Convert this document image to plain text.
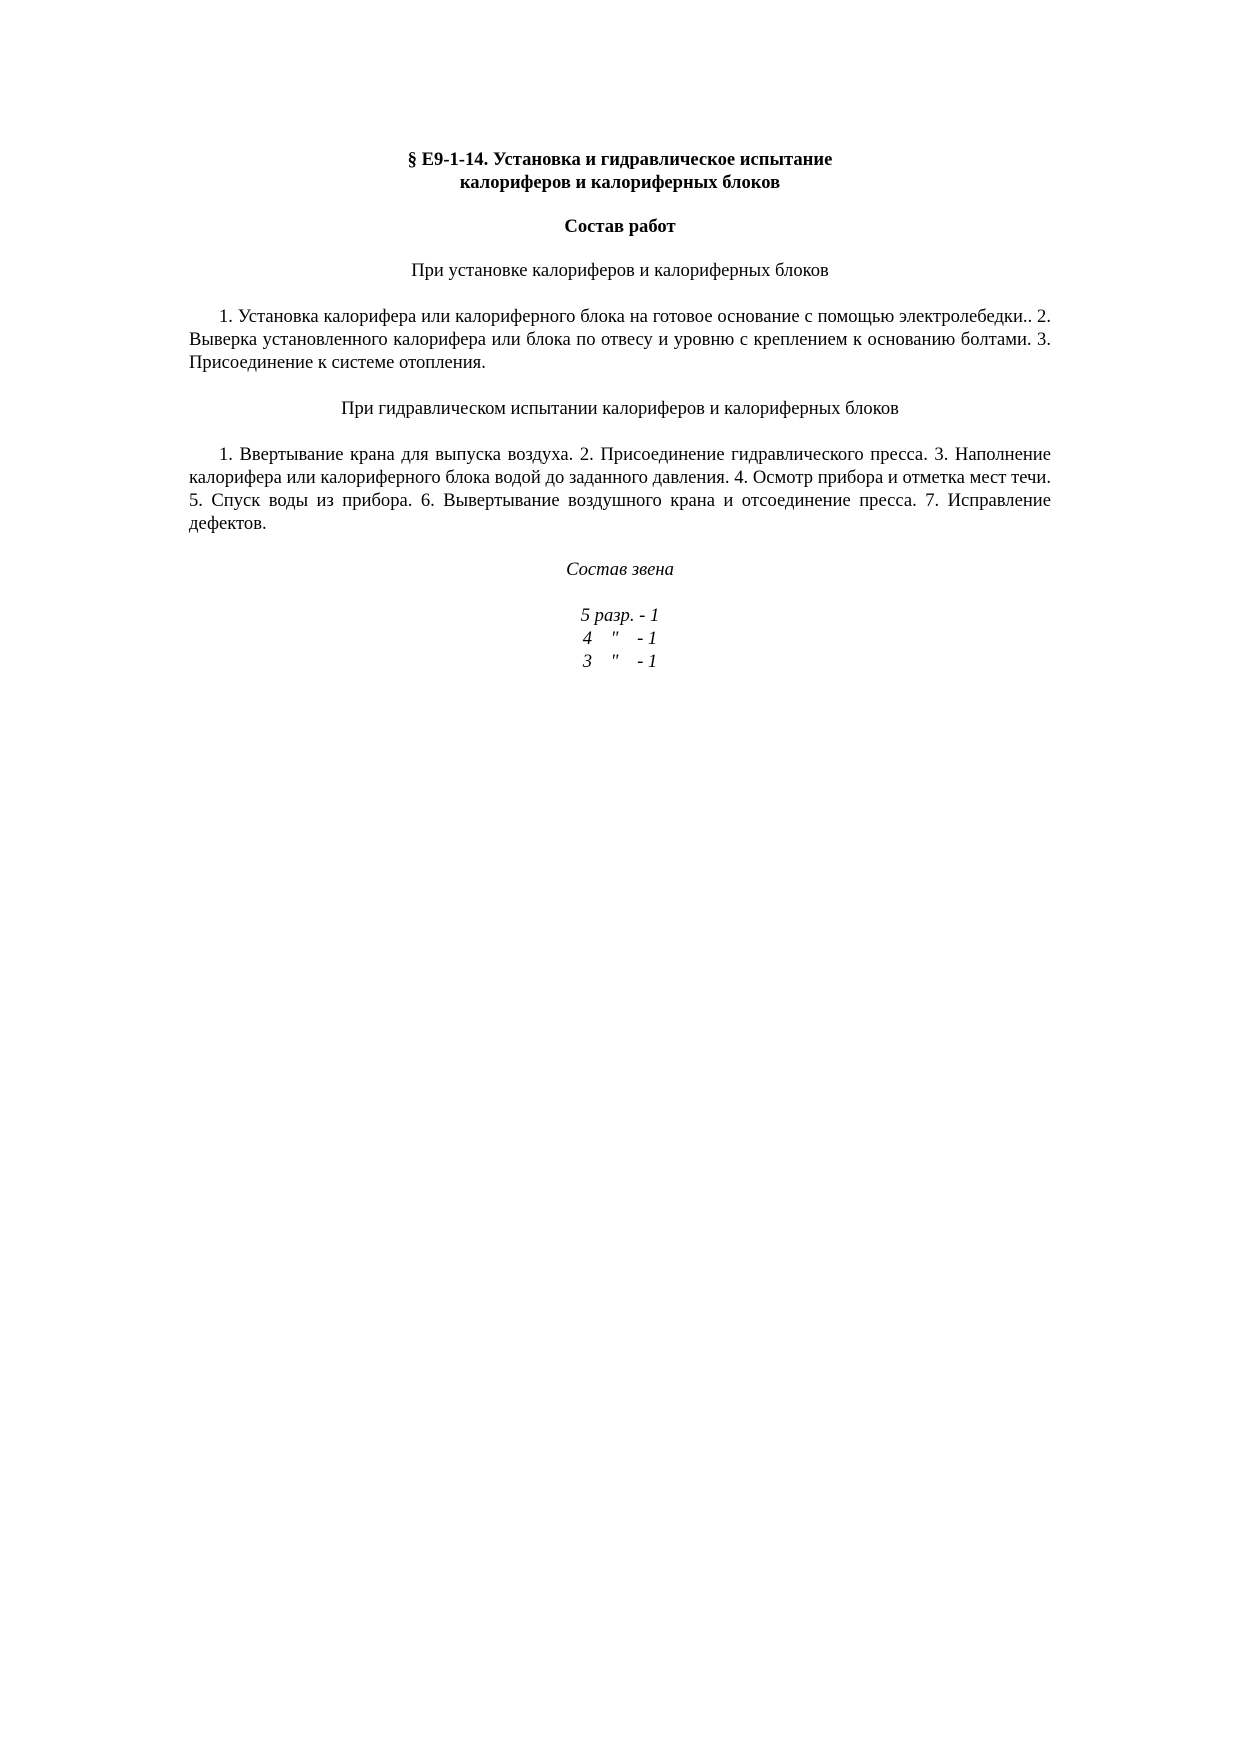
§ Е9-1-14. Установка и гидравлическое испытание
калориферов и калориферных блоков
Состав работ
При установке калориферов и калориферных блоков

1. Установка калорифера или калориферного блока на готовое основание с помощью электролебедки.. 2. Выверка установленного калорифера или блока по отвесу и уровню с креплением к основанию болтами. 3. Присоединение к системе отопления.

При гидравлическом испытании калориферов и калориферных блоков

1. Ввертывание крана для выпуска воздуха. 2. Присоединение гидравлического пресса. 3. Наполнение калорифера или калориферного блока водой до заданного давления. 4. Осмотр прибора и отметка мест течи. 5. Спуск воды из прибора. 6. Вывертывание воздушного крана и отсоединение пресса. 7. Исправление дефектов.

Состав звена
5 разр. - 1
4    "    - 1
3    "    - 1
